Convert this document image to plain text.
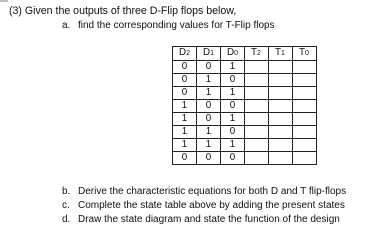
(3) Given the outputs of three D-Flip flops below,
a. find the corresponding values for T-Flip flops
D2	D1	D0	T2	T1	T0
0	0	1			
0	1	0			
0	1	1			
1	0	0			
1	0	1			
1	1	0			
1	1	1			
0	0	0			
b. Derive the characteristic equations for both D and T flip-flops
c. Complete the state table above by adding the present states
d. Draw the state diagram and state the function of the design
